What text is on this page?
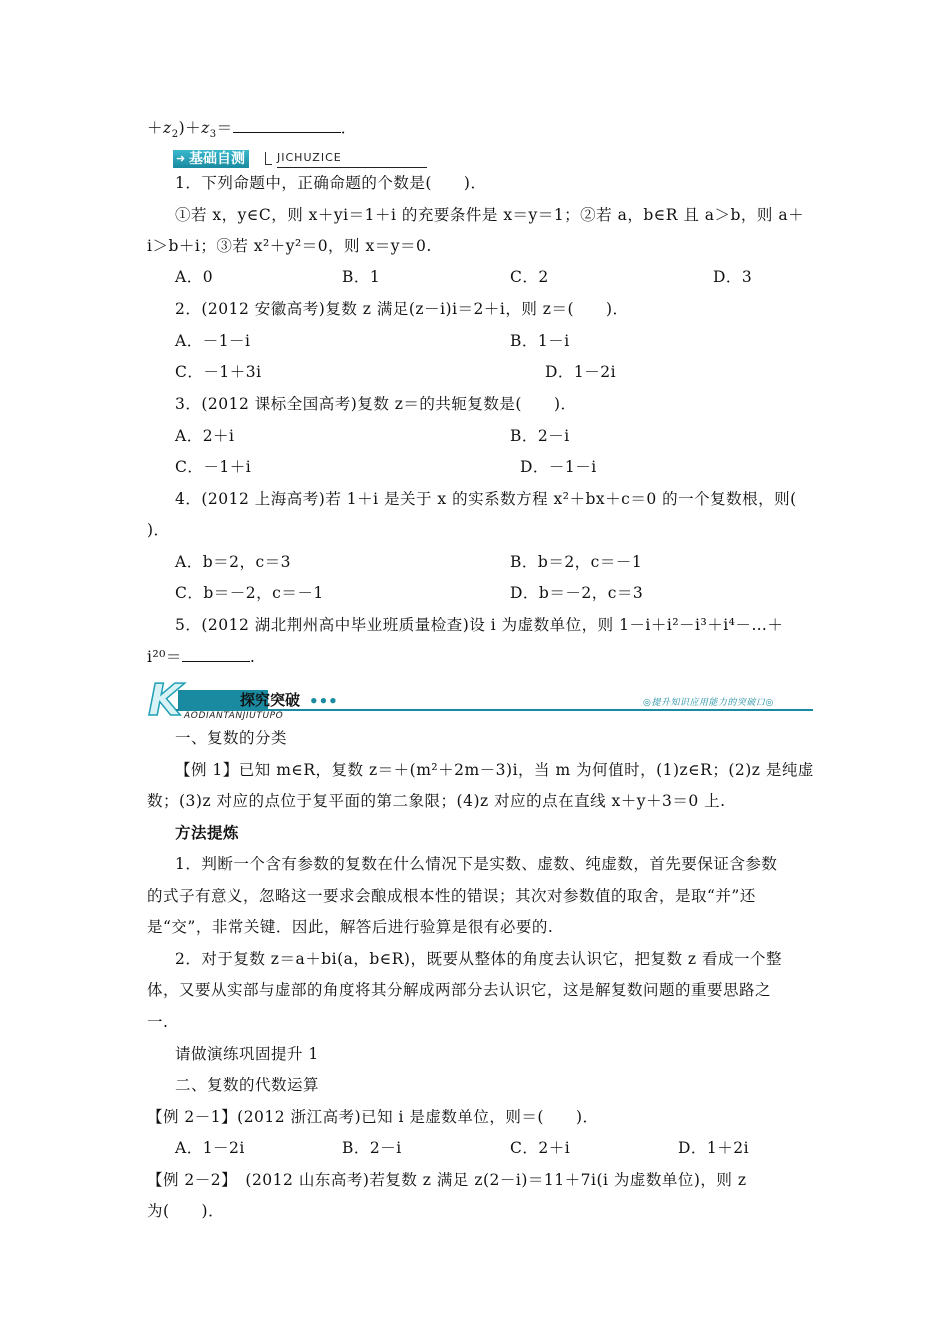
$+z_2)+z_3=$	．
基础自测
➜	JICHUZICE
1．下列命题中，正确命题的个数是(　　)．
①若 x，y∈C，则 x＋yi＝1＋i 的充要条件是 x＝y＝1；②若 a，b∈R 且 a＞b，则 a＋
i＞b＋i；③若 x²＋y²＝0，则 x＝y＝0.
A．0	B．1	C．2	D．3
2．(2012 安徽高考)复数 z 满足(z－i)i＝2＋i，则 z＝(　　)．
A．－1－i	B．1－i
C．－1＋3i	D．1－2i
3．(2012 课标全国高考)复数 z＝的共轭复数是(　　)．
A．2＋i	B．2－i
C．－1＋i	D．－1－i
4．(2012 上海高考)若 1＋i 是关于 x 的实系数方程 x²＋bx＋c＝0 的一个复数根，则(
)．
A．b＝2，c＝3	B．b＝2，c＝－1
C．b＝－2，c＝－1	D．b＝－2，c＝3
5．(2012 湖北荆州高中毕业班质量检查)设 i 为虚数单位，则 1－i＋i²－i³＋i⁴－…＋
i²⁰＝	.
K	探究突破 •••	◎提升知识应用能力的突破口◎
AODIANTANJIUTUPO
一、复数的分类
【例 1】已知 m∈R，复数 z＝＋(m²＋2m－3)i，当 m 为何值时，(1)z∈R；(2)z 是纯虚
数；(3)z 对应的点位于复平面的第二象限；(4)z 对应的点在直线 x＋y＋3＝0 上.
方法提炼
1．判断一个含有参数的复数在什么情况下是实数、虚数、纯虚数，首先要保证含参数
的式子有意义，忽略这一要求会酿成根本性的错误；其次对参数值的取舍，是取“并”还
是“交”，非常关键．因此，解答后进行验算是很有必要的.
2．对于复数 z＝a＋bi(a，b∈R)，既要从整体的角度去认识它，把复数 z 看成一个整
体，又要从实部与虚部的角度将其分解成两部分去认识它，这是解复数问题的重要思路之
一.
请做演练巩固提升 1
二、复数的代数运算
【例 2－1】(2012 浙江高考)已知 i 是虚数单位，则＝(　　)．
A．1－2i	B．2－i	C．2＋i	D．1＋2i
【例 2－2】　(2012 山东高考)若复数 z 满足 z(2－i)＝11＋7i(i 为虚数单位)，则 z
为(　　)．
